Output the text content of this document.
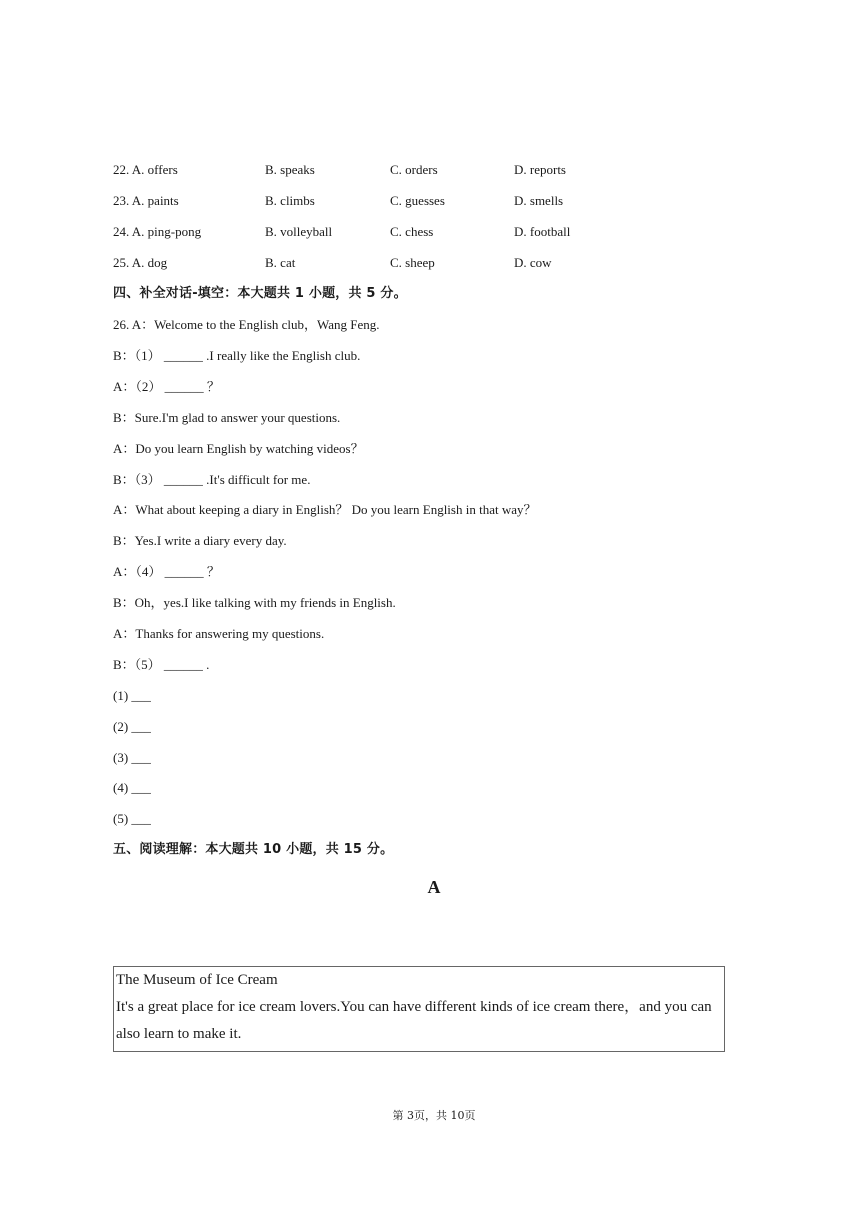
22. A. offers	B. speaks	C. orders	D. reports
23. A. paints	B. climbs	C. guesses	D. smells
24. A. ping-pong	B. volleyball	C. chess	D. football
25. A. dog	B. cat	C. sheep	D. cow
四、补全对话-填空：本大题共 1 小题，共 5 分。
26. A：Welcome to the English club，Wang Feng.
B：（1） ______ .I really like the English club.
A：（2） ______ ？
B：Sure.I'm glad to answer your questions.
A：Do you learn English by watching videos？
B：（3） ______ .It's difficult for me.
A：What about keeping a diary in English？ Do you learn English in that way？
B：Yes.I write a diary every day.
A：（4） ______ ？
B：Oh，yes.I like talking with my friends in English.
A：Thanks for answering my questions.
B：（5） ______ .
(1) ___
(2) ___
(3) ___
(4) ___
(5) ___
五、阅读理解：本大题共 10 小题，共 15 分。
A
The Museum of Ice Cream
It's a great place for ice cream lovers.You can have different kinds of ice cream there，and you can also learn to make it.
第 3页，共 10页
